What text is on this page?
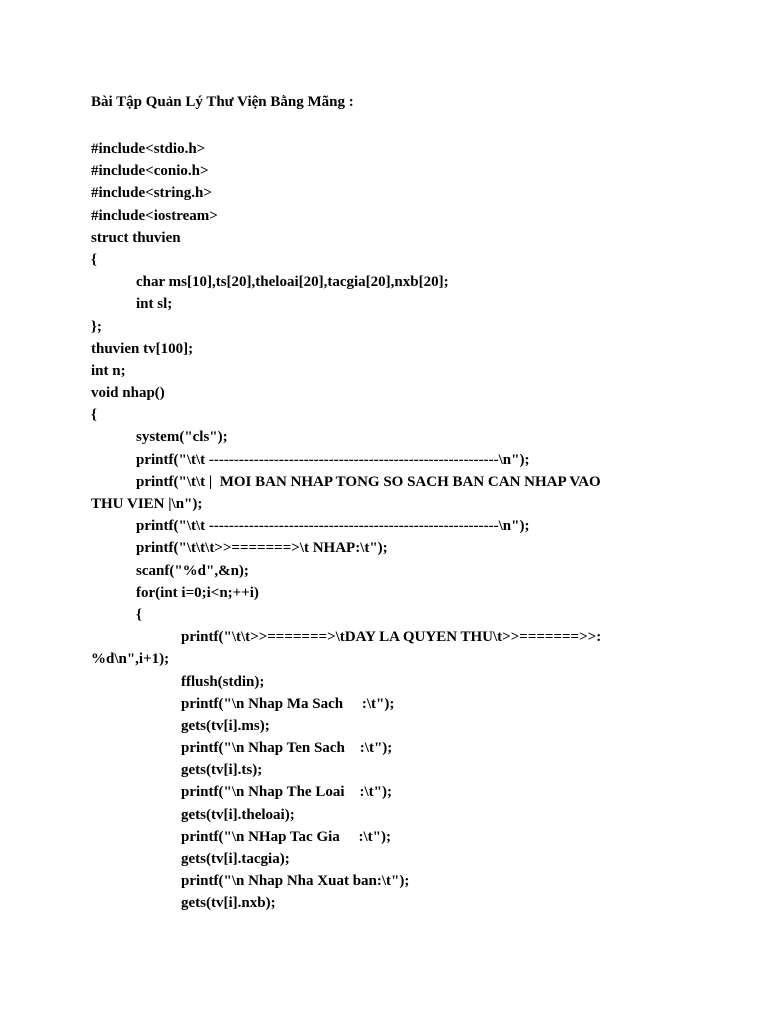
Bài Tập Quản Lý Thư Viện Bằng Mãng :
#include<stdio.h>
#include<conio.h>
#include<string.h>
#include<iostream>
struct thuvien
{
char ms[10],ts[20],theloai[20],tacgia[20],nxb[20];
int sl;
};
thuvien tv[100];
int n;
void nhap()
{
system("cls");
printf("\t\t ----------------------------------------------------------\n");
printf("\t\t |  MOI BAN NHAP TONG SO SACH BAN CAN NHAP VAO
THU VIEN |\n");
printf("\t\t ----------------------------------------------------------\n");
printf("\t\t\t>>=======>\t NHAP:\t");
scanf("%d",&n);
for(int i=0;i<n;++i)
{
printf("\t\t>>=======>\tDAY LA QUYEN THU\t>>=======>>:
%d\n",i+1);
fflush(stdin);
printf("\n Nhap Ma Sach     :\t");
gets(tv[i].ms);
printf("\n Nhap Ten Sach    :\t");
gets(tv[i].ts);
printf("\n Nhap The Loai    :\t");
gets(tv[i].theloai);
printf("\n NHap Tac Gia     :\t");
gets(tv[i].tacgia);
printf("\n Nhap Nha Xuat ban:\t");
gets(tv[i].nxb);
